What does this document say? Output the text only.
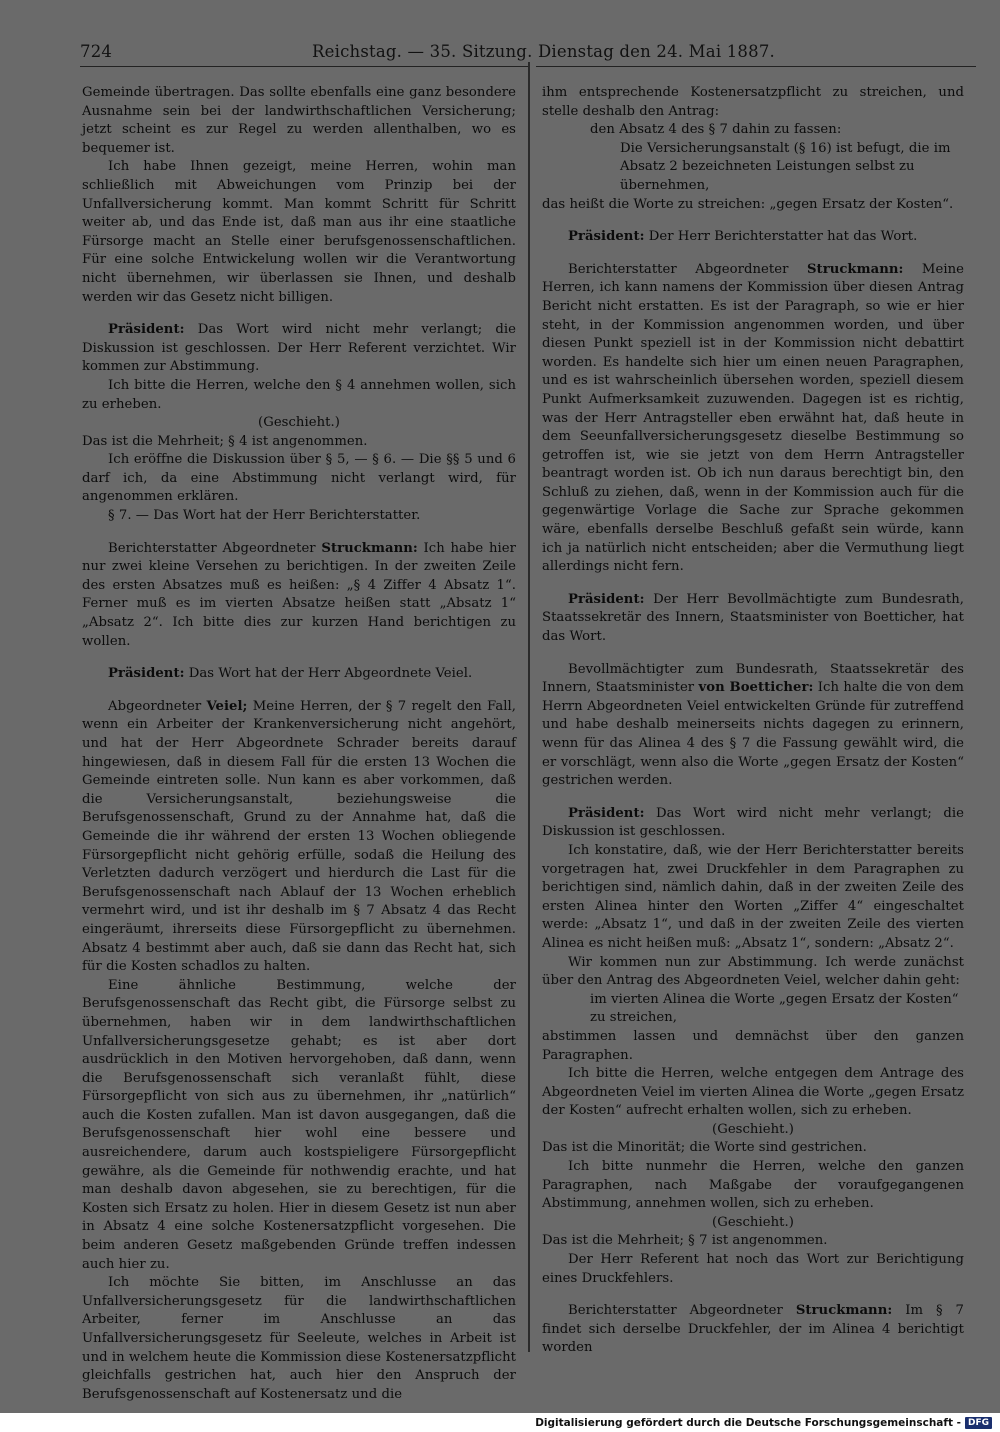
724	Reichstag. — 35. Sitzung. Dienstag den 24. Mai 1887.

Gemeinde übertragen. Das sollte ebenfalls eine ganz besondere Ausnahme sein bei der landwirthschaftlichen Versicherung; jetzt scheint es zur Regel zu werden allenthalben, wo es bequemer ist.

Ich habe Ihnen gezeigt, meine Herren, wohin man schließlich mit Abweichungen vom Prinzip bei der Unfallversicherung kommt. Man kommt Schritt für Schritt weiter ab, und das Ende ist, daß man aus ihr eine staatliche Fürsorge macht an Stelle einer berufsgenossenschaftlichen. Für eine solche Entwickelung wollen wir die Verantwortung nicht übernehmen, wir überlassen sie Ihnen, und deshalb werden wir das Gesetz nicht billigen.

Präsident: Das Wort wird nicht mehr verlangt; die Diskussion ist geschlossen. Der Herr Referent verzichtet. Wir kommen zur Abstimmung.

Ich bitte die Herren, welche den § 4 annehmen wollen, sich zu erheben.

(Geschieht.)

Das ist die Mehrheit; § 4 ist angenommen.

Ich eröffne die Diskussion über § 5, — § 6. — Die §§ 5 und 6 darf ich, da eine Abstimmung nicht verlangt wird, für angenommen erklären.

§ 7. — Das Wort hat der Herr Berichterstatter.

Berichterstatter Abgeordneter Struckmann: Ich habe hier nur zwei kleine Versehen zu berichtigen. In der zweiten Zeile des ersten Absatzes muß es heißen: „§ 4 Ziffer 4 Absatz 1“. Ferner muß es im vierten Absatze heißen statt „Absatz 1“ „Absatz 2“. Ich bitte dies zur kurzen Hand berichtigen zu wollen.

Präsident: Das Wort hat der Herr Abgeordnete Veiel.

Abgeordneter Veiel; Meine Herren, der § 7 regelt den Fall, wenn ein Arbeiter der Krankenversicherung nicht angehört, und hat der Herr Abgeordnete Schrader bereits darauf hingewiesen, daß in diesem Fall für die ersten 13 Wochen die Gemeinde eintreten solle. Nun kann es aber vorkommen, daß die Versicherungsanstalt, beziehungsweise die Berufsgenossenschaft, Grund zu der Annahme hat, daß die Gemeinde die ihr während der ersten 13 Wochen obliegende Fürsorgepflicht nicht gehörig erfülle, sodaß die Heilung des Verletzten dadurch verzögert und hierdurch die Last für die Berufsgenossenschaft nach Ablauf der 13 Wochen erheblich vermehrt wird, und ist ihr deshalb im § 7 Absatz 4 das Recht eingeräumt, ihrerseits diese Fürsorgepflicht zu übernehmen. Absatz 4 bestimmt aber auch, daß sie dann das Recht hat, sich für die Kosten schadlos zu halten.

Eine ähnliche Bestimmung, welche der Berufsgenossenschaft das Recht gibt, die Fürsorge selbst zu übernehmen, haben wir in dem landwirthschaftlichen Unfallversicherungsgesetze gehabt; es ist aber dort ausdrücklich in den Motiven hervorgehoben, daß dann, wenn die Berufsgenossenschaft sich veranlaßt fühlt, diese Fürsorgepflicht von sich aus zu übernehmen, ihr „natürlich“ auch die Kosten zufallen. Man ist davon ausgegangen, daß die Berufsgenossenschaft hier wohl eine bessere und ausreichendere, darum auch kostspieligere Fürsorgepflicht gewähre, als die Gemeinde für nothwendig erachte, und hat man deshalb davon abgesehen, sie zu berechtigen, für die Kosten sich Ersatz zu holen. Hier in diesem Gesetz ist nun aber in Absatz 4 eine solche Kostenersatzpflicht vorgesehen. Die beim anderen Gesetz maßgebenden Gründe treffen indessen auch hier zu.

Ich möchte Sie bitten, im Anschlusse an das Unfallversicherungsgesetz für die landwirthschaftlichen Arbeiter, ferner im Anschlusse an das Unfallversicherungsgesetz für Seeleute, welches in Arbeit ist und in welchem heute die Kommission diese Kostenersatzpflicht gleichfalls gestrichen hat, auch hier den Anspruch der Berufsgenossenschaft auf Kostenersatz und die

ihm entsprechende Kostenersatzpflicht zu streichen, und stelle deshalb den Antrag:

den Absatz 4 des § 7 dahin zu fassen:

Die Versicherungsanstalt (§ 16) ist befugt, die im Absatz 2 bezeichneten Leistungen selbst zu übernehmen,

das heißt die Worte zu streichen: „gegen Ersatz der Kosten“.

Präsident: Der Herr Berichterstatter hat das Wort.

Berichterstatter Abgeordneter Struckmann: Meine Herren, ich kann namens der Kommission über diesen Antrag Bericht nicht erstatten. Es ist der Paragraph, so wie er hier steht, in der Kommission angenommen worden, und über diesen Punkt speziell ist in der Kommission nicht debattirt worden. Es handelte sich hier um einen neuen Paragraphen, und es ist wahrscheinlich übersehen worden, speziell diesem Punkt Aufmerksamkeit zuzuwenden. Dagegen ist es richtig, was der Herr Antragsteller eben erwähnt hat, daß heute in dem Seeunfallversicherungsgesetz dieselbe Bestimmung so getroffen ist, wie sie jetzt von dem Herrn Antragsteller beantragt worden ist. Ob ich nun daraus berechtigt bin, den Schluß zu ziehen, daß, wenn in der Kommission auch für die gegenwärtige Vorlage die Sache zur Sprache gekommen wäre, ebenfalls derselbe Beschluß gefaßt sein würde, kann ich ja natürlich nicht entscheiden; aber die Vermuthung liegt allerdings nicht fern.

Präsident: Der Herr Bevollmächtigte zum Bundesrath, Staatssekretär des Innern, Staatsminister von Boetticher, hat das Wort.

Bevollmächtigter zum Bundesrath, Staatssekretär des Innern, Staatsminister von Boetticher: Ich halte die von dem Herrn Abgeordneten Veiel entwickelten Gründe für zutreffend und habe deshalb meinerseits nichts dagegen zu erinnern, wenn für das Alinea 4 des § 7 die Fassung gewählt wird, die er vorschlägt, wenn also die Worte „gegen Ersatz der Kosten“ gestrichen werden.

Präsident: Das Wort wird nicht mehr verlangt; die Diskussion ist geschlossen.

Ich konstatire, daß, wie der Herr Berichterstatter bereits vorgetragen hat, zwei Druckfehler in dem Paragraphen zu berichtigen sind, nämlich dahin, daß in der zweiten Zeile des ersten Alinea hinter den Worten „Ziffer 4“ eingeschaltet werde: „Absatz 1“, und daß in der zweiten Zeile des vierten Alinea es nicht heißen muß: „Absatz 1“, sondern: „Absatz 2“.

Wir kommen nun zur Abstimmung. Ich werde zunächst über den Antrag des Abgeordneten Veiel, welcher dahin geht:

im vierten Alinea die Worte „gegen Ersatz der Kosten“ zu streichen,

abstimmen lassen und demnächst über den ganzen Paragraphen.

Ich bitte die Herren, welche entgegen dem Antrage des Abgeordneten Veiel im vierten Alinea die Worte „gegen Ersatz der Kosten“ aufrecht erhalten wollen, sich zu erheben.

(Geschieht.)

Das ist die Minorität; die Worte sind gestrichen.

Ich bitte nunmehr die Herren, welche den ganzen Paragraphen, nach Maßgabe der voraufgegangenen Abstimmung, annehmen wollen, sich zu erheben.

(Geschieht.)

Das ist die Mehrheit; § 7 ist angenommen.

Der Herr Referent hat noch das Wort zur Berichtigung eines Druckfehlers.

Berichterstatter Abgeordneter Struckmann: Im § 7 findet sich derselbe Druckfehler, der im Alinea 4 berichtigt worden

Digitalisierung gefördert durch die Deutsche Forschungsgemeinschaft - DFG
